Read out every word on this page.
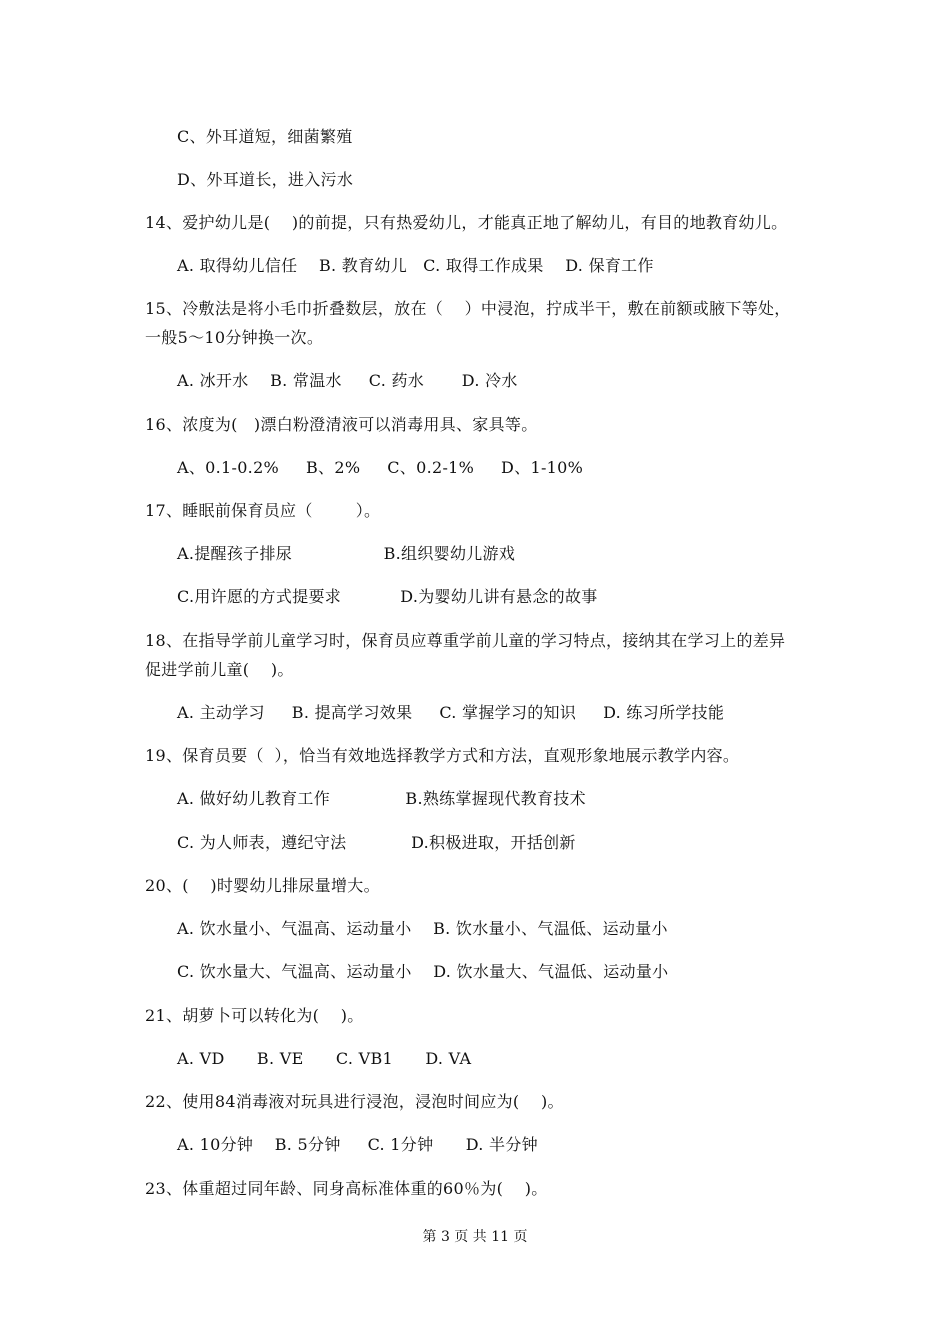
C、外耳道短，细菌繁殖
D、外耳道长，进入污水
14、爱护幼儿是(    )的前提，只有热爱幼儿，才能真正地了解幼儿，有目的地教育幼儿。
A. 取得幼儿信任    B. 教育幼儿   C. 取得工作成果    D. 保育工作
15、冷敷法是将小毛巾折叠数层，放在（    ）中浸泡，拧成半干，敷在前额或腋下等处，
一般5～10分钟换一次。
A. 冰开水    B. 常温水     C. 药水       D. 冷水
16、浓度为(   )漂白粉澄清液可以消毒用具、家具等。
A、0.1-0.2%     B、2%     C、0.2-1%     D、1-10%
17、睡眠前保育员应（        ）。
A.提醒孩子排尿                 B.组织婴幼儿游戏
C.用许愿的方式提要求           D.为婴幼儿讲有悬念的故事
18、在指导学前儿童学习时，保育员应尊重学前儿童的学习特点，接纳其在学习上的差异
促进学前儿童(    )。
A. 主动学习     B. 提高学习效果     C. 掌握学习的知识     D. 练习所学技能
19、保育员要（  ），恰当有效地选择教学方式和方法，直观形象地展示教学内容。
A. 做好幼儿教育工作              B.熟练掌握现代教育技术
C. 为人师表，遵纪守法            D.积极进取，开括创新
20、(    )时婴幼儿排尿量增大。
A. 饮水量小、气温高、运动量小    B. 饮水量小、气温低、运动量小
C. 饮水量大、气温高、运动量小    D. 饮水量大、气温低、运动量小
21、胡萝卜可以转化为(    )。
A. VD      B. VE      C. VB1      D. VA
22、使用84消毒液对玩具进行浸泡，浸泡时间应为(    )。
A. 10分钟    B. 5分钟     C. 1分钟      D. 半分钟
23、体重超过同年龄、同身高标准体重的60％为(    )。
第 3 页 共 11 页
